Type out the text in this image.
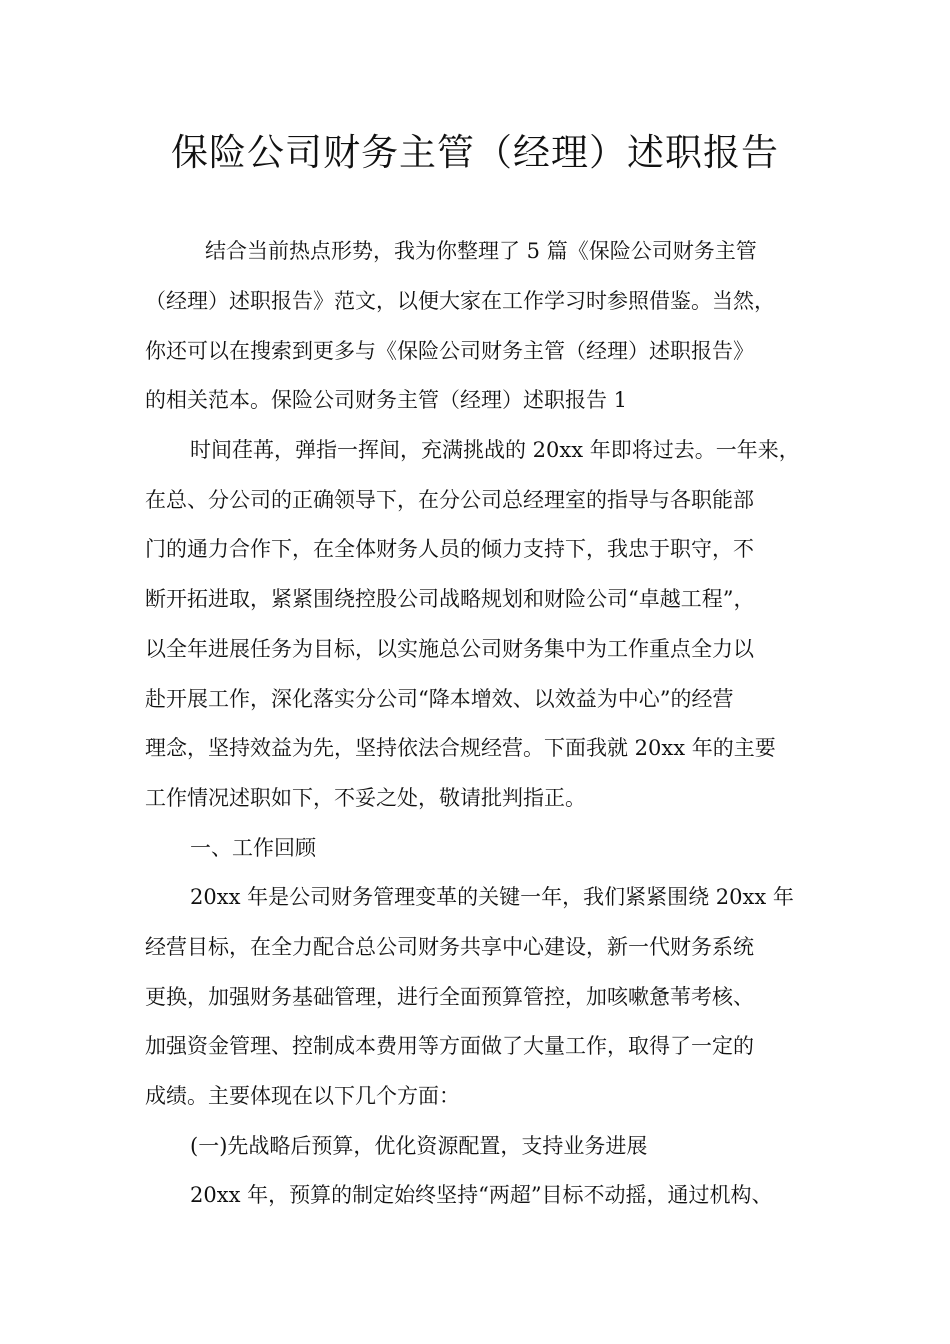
保险公司财务主管（经理）述职报告

结合当前热点形势，我为你整理了 5 篇《保险公司财务主管

（经理）述职报告》范文，以便大家在工作学习时参照借鉴。当然，

你还可以在搜索到更多与《保险公司财务主管（经理）述职报告》

的相关范本。保险公司财务主管（经理）述职报告 1

时间荏苒，弹指一挥间，充满挑战的 20xx 年即将过去。一年来，

在总、分公司的正确领导下，在分公司总经理室的指导与各职能部

门的通力合作下，在全体财务人员的倾力支持下，我忠于职守，不

断开拓进取，紧紧围绕控股公司战略规划和财险公司“卓越工程”，

以全年进展任务为目标，以实施总公司财务集中为工作重点全力以

赴开展工作，深化落实分公司“降本增效、以效益为中心”的经营

理念，坚持效益为先，坚持依法合规经营。下面我就 20xx 年的主要

工作情况述职如下，不妥之处，敬请批判指正。

一、工作回顾

20xx 年是公司财务管理变革的关键一年，我们紧紧围绕 20xx 年

经营目标，在全力配合总公司财务共享中心建设，新一代财务系统

更换，加强财务基础管理，进行全面预算管控，加咳嗽惫苇考核、

加强资金管理、控制成本费用等方面做了大量工作，取得了一定的

成绩。主要体现在以下几个方面：

(一)先战略后预算，优化资源配置，支持业务进展

20xx 年，预算的制定始终坚持“两超”目标不动摇，通过机构、
